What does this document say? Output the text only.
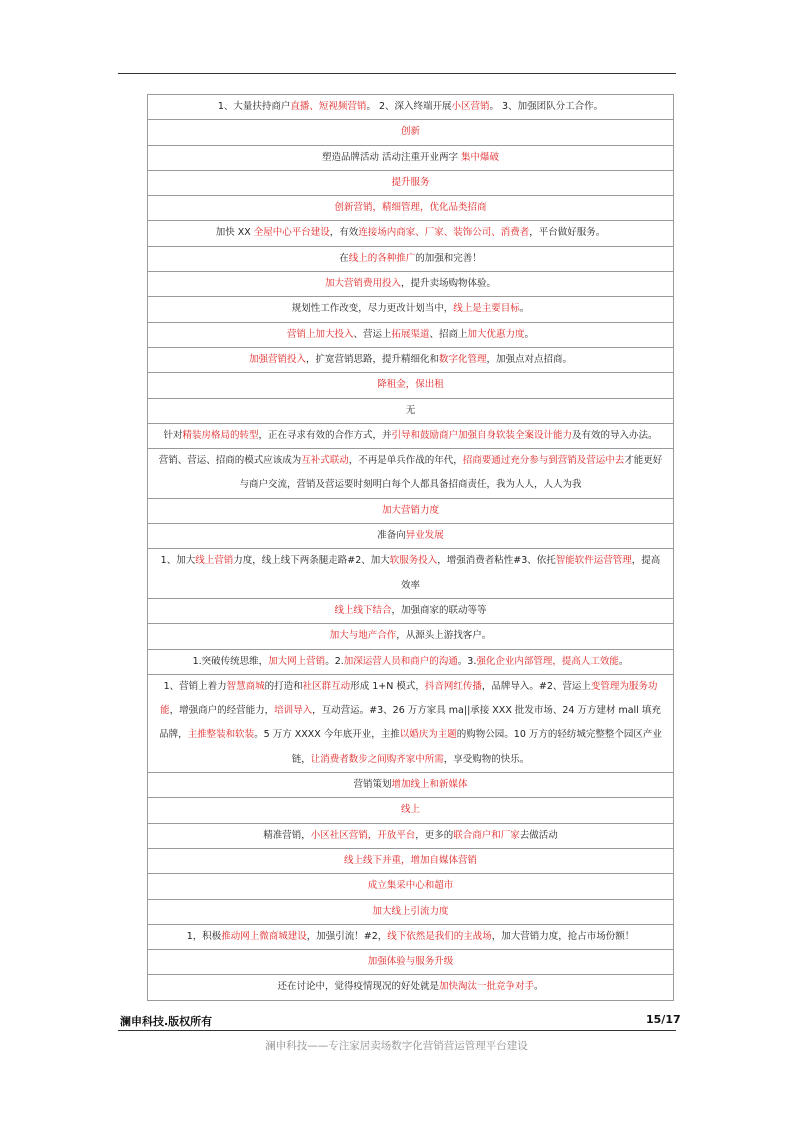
1、大量扶持商户直播、短视频营销。 2、深入终端开展小区营销。 3、加强团队分工合作。
创新
塑造品牌活动 活动注重开业两字 集中爆破
提升服务
创新营销，精细管理，优化品类招商
加快 XX 全屋中心平台建设，有效连接场内商家、厂家、装饰公司、消费者，平台做好服务。
在线上的各种推广的加强和完善！
加大营销费用投入，提升卖场购物体验。
规划性工作改变，尽力更改计划当中，线上是主要目标。
营销上加大投入、营运上拓展渠道、招商上加大优惠力度。
加强营销投入，扩宽营销思路，提升精细化和数字化管理，加强点对点招商。
降租金，保出租
无
针对精装房格局的转型，正在寻求有效的合作方式，并引导和鼓励商户加强自身软装全案设计能力及有效的导入办法。
营销、营运、招商的模式应该成为互补式联动，不再是单兵作战的年代，招商要通过充分参与到营销及营运中去才能更好与商户交流，营销及营运要时刻明白每个人都具备招商责任，我为人人，人人为我
加大营销力度
准备向异业发展
1、加大线上营销力度，线上线下两条腿走路#2、加大软服务投入，增强消费者粘性#3、依托智能软件运营管理，提高效率
线上线下结合，加强商家的联动等等
加大与地产合作，从源头上游找客户。
1.突破传统思维，加大网上营销。2.加深运营人员和商户的沟通。3.强化企业内部管理，提高人工效能。
1、营销上着力智慧商城的打造和社区群互动形成 1+N 模式，抖音网红传播，品牌导入。#2、营运上变管理为服务功能，增强商户的经营能力，培训导入，互动营运。#3、26 万方家具 ma||承接 XXX 批发市场、24 万方建材 mall 填充品牌，主推整装和软装。5 万方 XXXX 今年底开业，主推以婚庆为主题的购物公园。10 万方的轻纺城完整整个园区产业链，让消费者数步之间购齐家中所需，享受购物的快乐。
营销策划增加线上和新媒体
线上
精准营销，小区社区营销，开放平台，更多的联合商户和厂家去做活动
线上线下并重，增加自媒体营销
成立集采中心和超市
加大线上引流力度
1，积极推动网上微商城建设，加强引流！#2，线下依然是我们的主战场，加大营销力度，抢占市场份额！
加强体验与服务升级
还在讨论中，觉得疫情现况的好处就是加快淘汰一批竞争对手。
澜申科技.版权所有	15/17
澜申科技——专注家居卖场数字化营销营运管理平台建设
